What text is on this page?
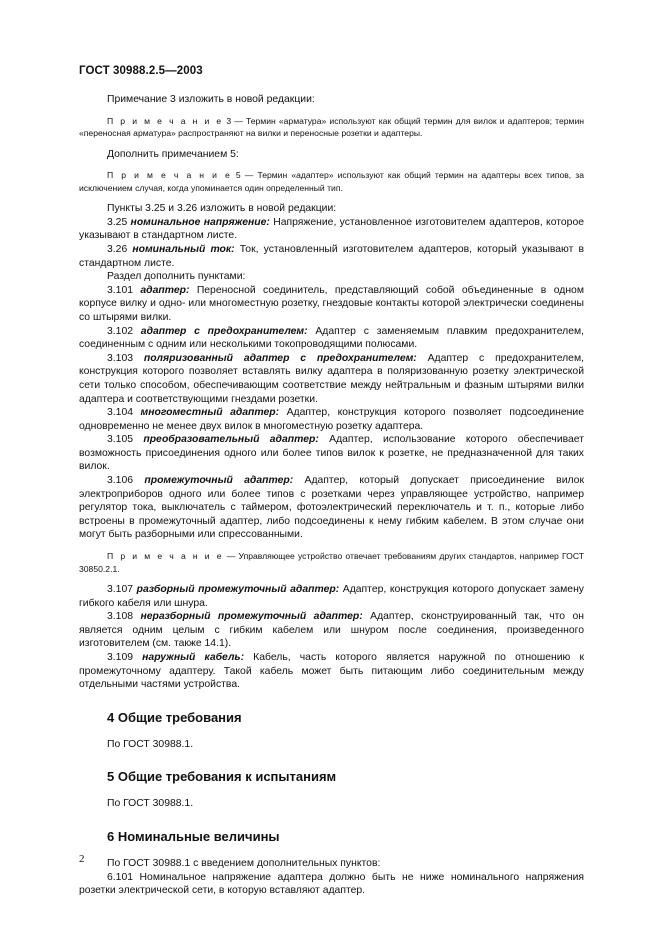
ГОСТ 30988.2.5—2003

Примечание 3 изложить в новой редакции:

П р и м е ч а н и е 3 — Термин «арматура» используют как общий термин для вилок и адаптеров; термин «переносная арматура» распространяют на вилки и переносные розетки и адаптеры.

Дополнить примечанием 5:

П р и м е ч а н и е 5 — Термин «адаптер» используют как общий термин на адаптеры всех типов, за исключением случая, когда упоминается один определенный тип.

Пункты 3.25 и 3.26 изложить в новой редакции:

3.25 номинальное напряжение: Напряжение, установленное изготовителем адаптеров, которое указывают в стандартном листе.

3.26 номинальный ток: Ток, установленный изготовителем адаптеров, который указывают в стандартном листе.

Раздел дополнить пунктами:

3.101 адаптер: Переносной соединитель, представляющий собой объединенные в одном корпусе вилку и одно- или многоместную розетку, гнездовые контакты которой электрически соединены со штырями вилки.

3.102 адаптер с предохранителем: Адаптер с заменяемым плавким предохранителем, соединенным с одним или несколькими токопроводящими полюсами.

3.103 поляризованный адаптер с предохранителем: Адаптер с предохранителем, конструкция которого позволяет вставлять вилку адаптера в поляризованную розетку электрической сети только способом, обеспечивающим соответствие между нейтральным и фазным штырями вилки адаптера и соответствующими гнездами розетки.

3.104 многоместный адаптер: Адаптер, конструкция которого позволяет подсоединение одновременно не менее двух вилок в многоместную розетку адаптера.

3.105 преобразовательный адаптер: Адаптер, использование которого обеспечивает возможность присоединения одного или более типов вилок к розетке, не предназначенной для таких вилок.

3.106 промежуточный адаптер: Адаптер, который допускает присоединение вилок электроприборов одного или более типов с розетками через управляющее устройство, например регулятор тока, выключатель с таймером, фотоэлектрический переключатель и т. п., которые либо встроены в промежуточный адаптер, либо подсоединены к нему гибким кабелем. В этом случае они могут быть разборными или спрессованными.

П р и м е ч а н и е — Управляющее устройство отвечает требованиям других стандартов, например ГОСТ 30850.2.1.

3.107 разборный промежуточный адаптер: Адаптер, конструкция которого допускает замену гибкого кабеля или шнура.

3.108 неразборный промежуточный адаптер: Адаптер, сконструированный так, что он является одним целым с гибким кабелем или шнуром после соединения, произведенного изготовителем (см. также 14.1).

3.109 наружный кабель: Кабель, часть которого является наружной по отношению к промежуточному адаптеру. Такой кабель может быть питающим либо соединительным между отдельными частями устройства.

4 Общие требования

По ГОСТ 30988.1.

5 Общие требования к испытаниям

По ГОСТ 30988.1.

6 Номинальные величины

По ГОСТ 30988.1 с введением дополнительных пунктов:

6.101 Номинальное напряжение адаптера должно быть не ниже номинального напряжения розетки электрической сети, в которую вставляют адаптер.

2
